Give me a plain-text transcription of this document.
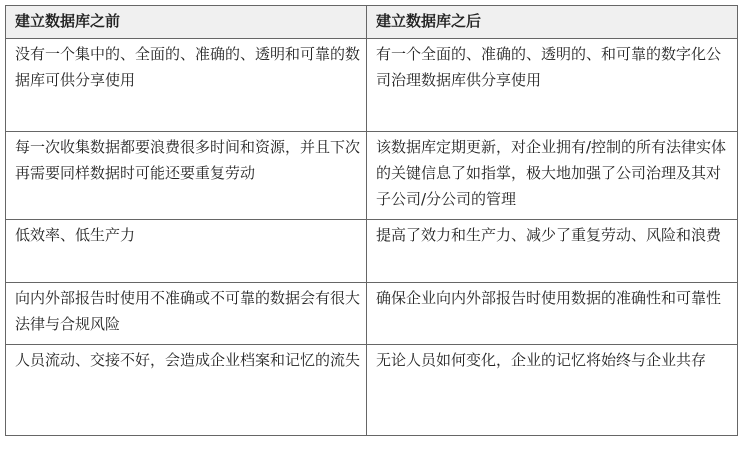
建立数据库之前	建立数据库之后
没有一个集中的、全面的、准确的、透明和可靠的数据库可供分享使用	有一个全面的、准确的、透明的、和可靠的数字化公司治理数据库供分享使用
每一次收集数据都要浪费很多时间和资源，并且下次再需要同样数据时可能还要重复劳动	该数据库定期更新，对企业拥有/控制的所有法律实体的关键信息了如指掌，极大地加强了公司治理及其对子公司/分公司的管理
低效率、低生产力	提高了效力和生产力、减少了重复劳动、风险和浪费
向内外部报告时使用不准确或不可靠的数据会有很大法律与合规风险	确保企业向内外部报告时使用数据的准确性和可靠性
人员流动、交接不好，会造成企业档案和记忆的流失	无论人员如何变化，企业的记忆将始终与企业共存
